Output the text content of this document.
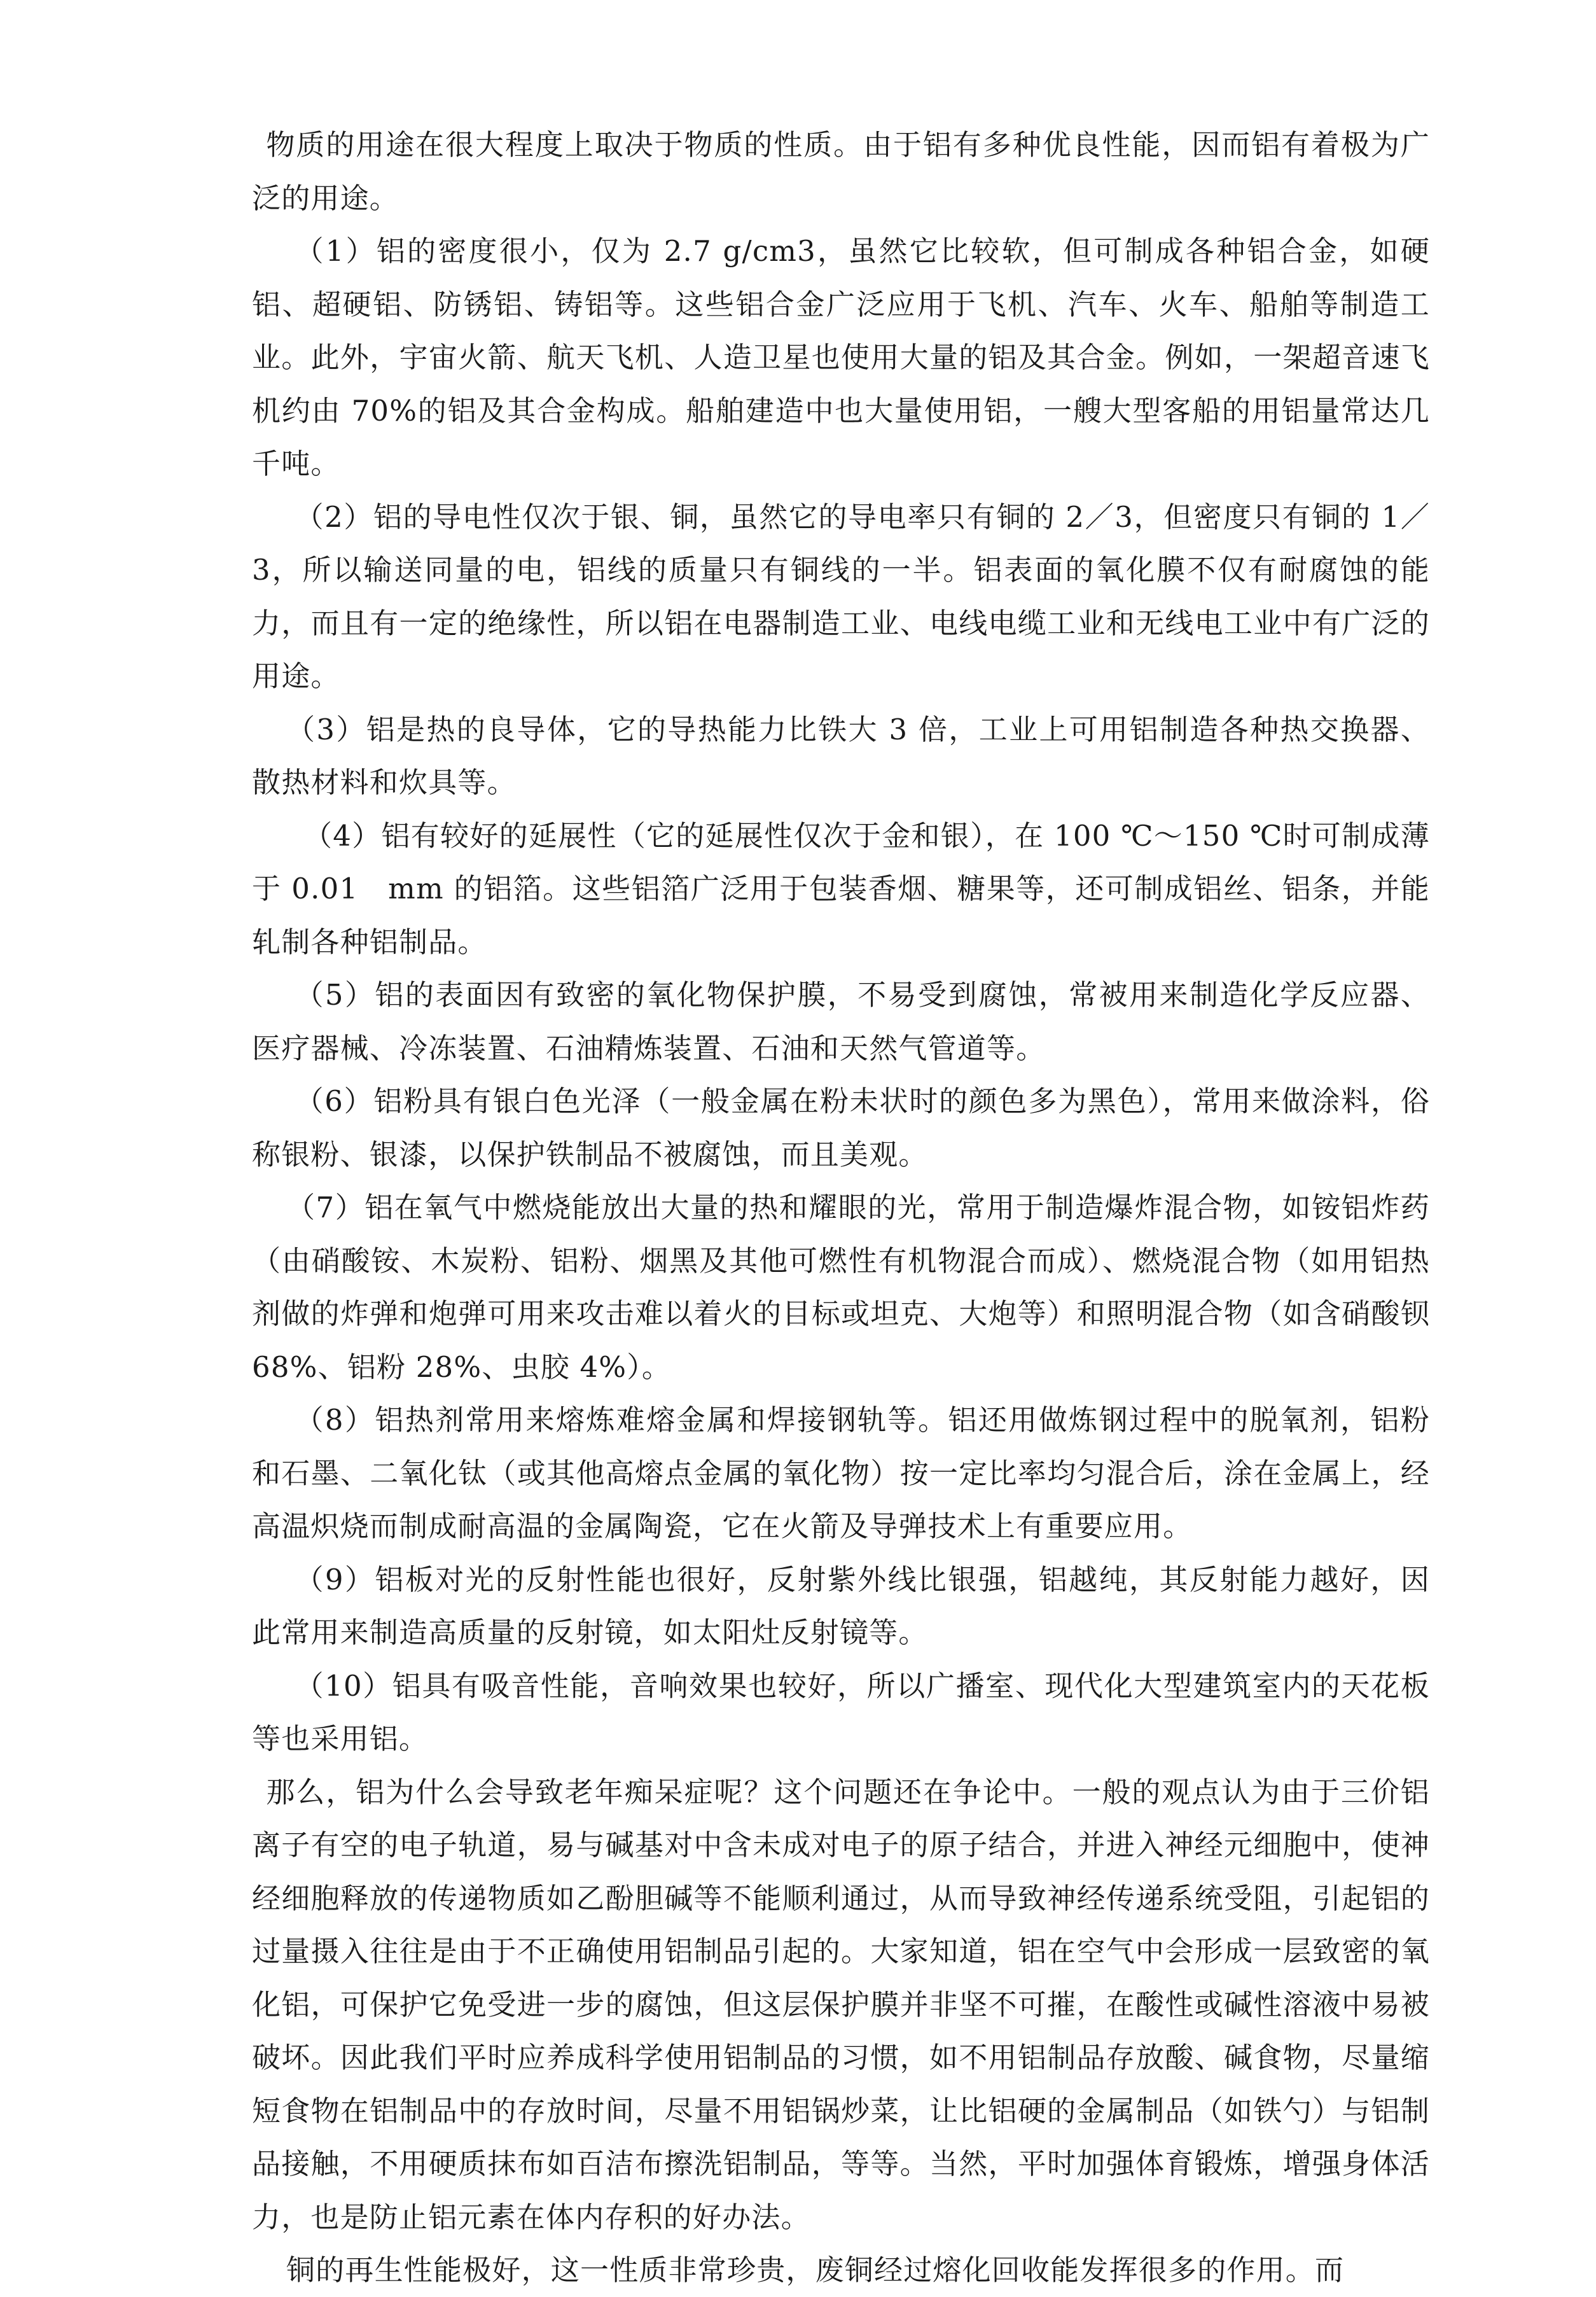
物质的用途在很大程度上取决于物质的性质。由于铝有多种优良性能，因而铝有着极为广泛的用途。

（1）铝的密度很小，仅为 2.7 g/cm3，虽然它比较软，但可制成各种铝合金，如硬铝、超硬铝、防锈铝、铸铝等。这些铝合金广泛应用于飞机、汽车、火车、船舶等制造工业。此外，宇宙火箭、航天飞机、人造卫星也使用大量的铝及其合金。例如，一架超音速飞机约由 70%的铝及其合金构成。船舶建造中也大量使用铝，一艘大型客船的用铝量常达几千吨。

（2）铝的导电性仅次于银、铜，虽然它的导电率只有铜的 2／3，但密度只有铜的 1／3，所以输送同量的电，铝线的质量只有铜线的一半。铝表面的氧化膜不仅有耐腐蚀的能力，而且有一定的绝缘性，所以铝在电器制造工业、电线电缆工业和无线电工业中有广泛的用途。

（3）铝是热的良导体，它的导热能力比铁大 3 倍，工业上可用铝制造各种热交换器、散热材料和炊具等。

（4）铝有较好的延展性（它的延展性仅次于金和银），在 100 ℃～150 ℃时可制成薄于 0.01　mm 的铝箔。这些铝箔广泛用于包装香烟、糖果等，还可制成铝丝、铝条，并能轧制各种铝制品。

（5）铝的表面因有致密的氧化物保护膜，不易受到腐蚀，常被用来制造化学反应器、医疗器械、冷冻装置、石油精炼装置、石油和天然气管道等。

（6）铝粉具有银白色光泽（一般金属在粉未状时的颜色多为黑色），常用来做涂料，俗称银粉、银漆，以保护铁制品不被腐蚀，而且美观。

（7）铝在氧气中燃烧能放出大量的热和耀眼的光，常用于制造爆炸混合物，如铵铝炸药（由硝酸铵、木炭粉、铝粉、烟黑及其他可燃性有机物混合而成）、燃烧混合物（如用铝热剂做的炸弹和炮弹可用来攻击难以着火的目标或坦克、大炮等）和照明混合物（如含硝酸钡 68%、铝粉 28%、虫胶 4%）。

（8）铝热剂常用来熔炼难熔金属和焊接钢轨等。铝还用做炼钢过程中的脱氧剂，铝粉和石墨、二氧化钛（或其他高熔点金属的氧化物）按一定比率均匀混合后，涂在金属上，经高温炽烧而制成耐高温的金属陶瓷，它在火箭及导弹技术上有重要应用。

（9）铝板对光的反射性能也很好，反射紫外线比银强，铝越纯，其反射能力越好，因此常用来制造高质量的反射镜，如太阳灶反射镜等。

（10）铝具有吸音性能，音响效果也较好，所以广播室、现代化大型建筑室内的天花板等也采用铝。

那么，铝为什么会导致老年痴呆症呢？这个问题还在争论中。一般的观点认为由于三价铝离子有空的电子轨道，易与碱基对中含未成对电子的原子结合，并进入神经元细胞中，使神经细胞释放的传递物质如乙酚胆碱等不能顺利通过，从而导致神经传递系统受阻，引起铝的过量摄入往往是由于不正确使用铝制品引起的。大家知道，铝在空气中会形成一层致密的氧化铝，可保护它免受进一步的腐蚀，但这层保护膜并非坚不可摧，在酸性或碱性溶液中易被破坏。因此我们平时应养成科学使用铝制品的习惯，如不用铝制品存放酸、碱食物，尽量缩短食物在铝制品中的存放时间，尽量不用铝锅炒菜，让比铝硬的金属制品（如铁勺）与铝制品接触，不用硬质抹布如百洁布擦洗铝制品，等等。当然，平时加强体育锻炼，增强身体活力，也是防止铝元素在体内存积的好办法。

铜的再生性能极好，这一性质非常珍贵，废铜经过熔化回收能发挥很多的作用。而
